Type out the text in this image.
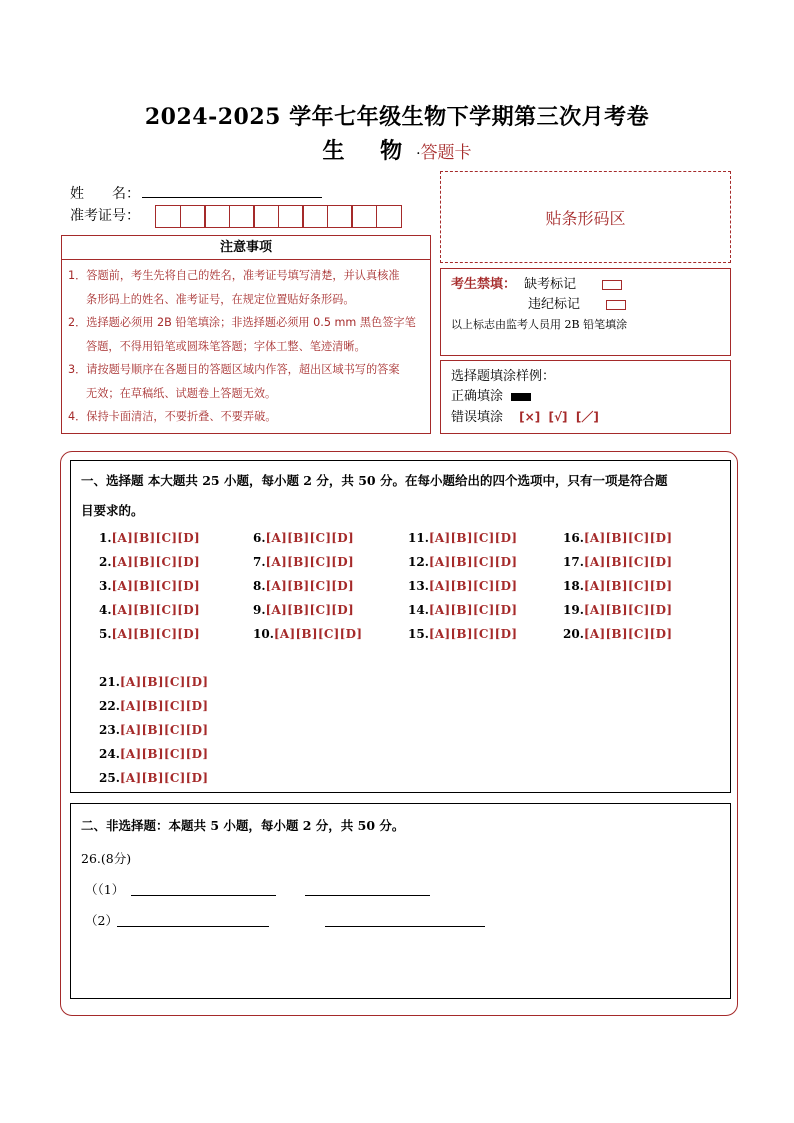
2024-2025 学年七年级生物下学期第三次月考卷
生 物·答题卡
姓　　名：
准考证号：	贴条形码区
注意事项

1．答题前，考生先将自己的姓名，准考证号填写清楚，并认真核准

条形码上的姓名、准考证号，在规定位置贴好条形码。

2．选择题必须用 2B 铅笔填涂；非选择题必须用 0.5 mm 黑色签字笔

答题，不得用铅笔或圆珠笔答题；字体工整、笔迹清晰。

3．请按题号顺序在各题目的答题区域内作答，超出区域书写的答案

无效；在草稿纸、试题卷上答题无效。

4．保持卡面清洁，不要折叠、不要弄破。

考生禁填： 缺考标记
违纪标记
以上标志由监考人员用 2B 铅笔填涂
选择题填涂样例：
正确填涂
错误填涂 [×]  [√]  [／]
一、选择题 本大题共 25 小题，每小题 2 分，共 50 分。在每小题给出的四个选项中，只有一项是符合题
目要求的。
1.[A][B][C][D]
2.[A][B][C][D]
3.[A][B][C][D]
4.[A][B][C][D]
5.[A][B][C][D]
6.[A][B][C][D]
7.[A][B][C][D]
8.[A][B][C][D]
9.[A][B][C][D]
10.[A][B][C][D]
11.[A][B][C][D]
12.[A][B][C][D]
13.[A][B][C][D]
14.[A][B][C][D]
15.[A][B][C][D]
16.[A][B][C][D]
17.[A][B][C][D]
18.[A][B][C][D]
19.[A][B][C][D]
20.[A][B][C][D]
21.[A][B][C][D]
22.[A][B][C][D]
23.[A][B][C][D]
24.[A][B][C][D]
25.[A][B][C][D]
二、非选择题：本题共 5 小题，每小题 2 分，共 50 分。
26.(8分)
（（1）
（2）
